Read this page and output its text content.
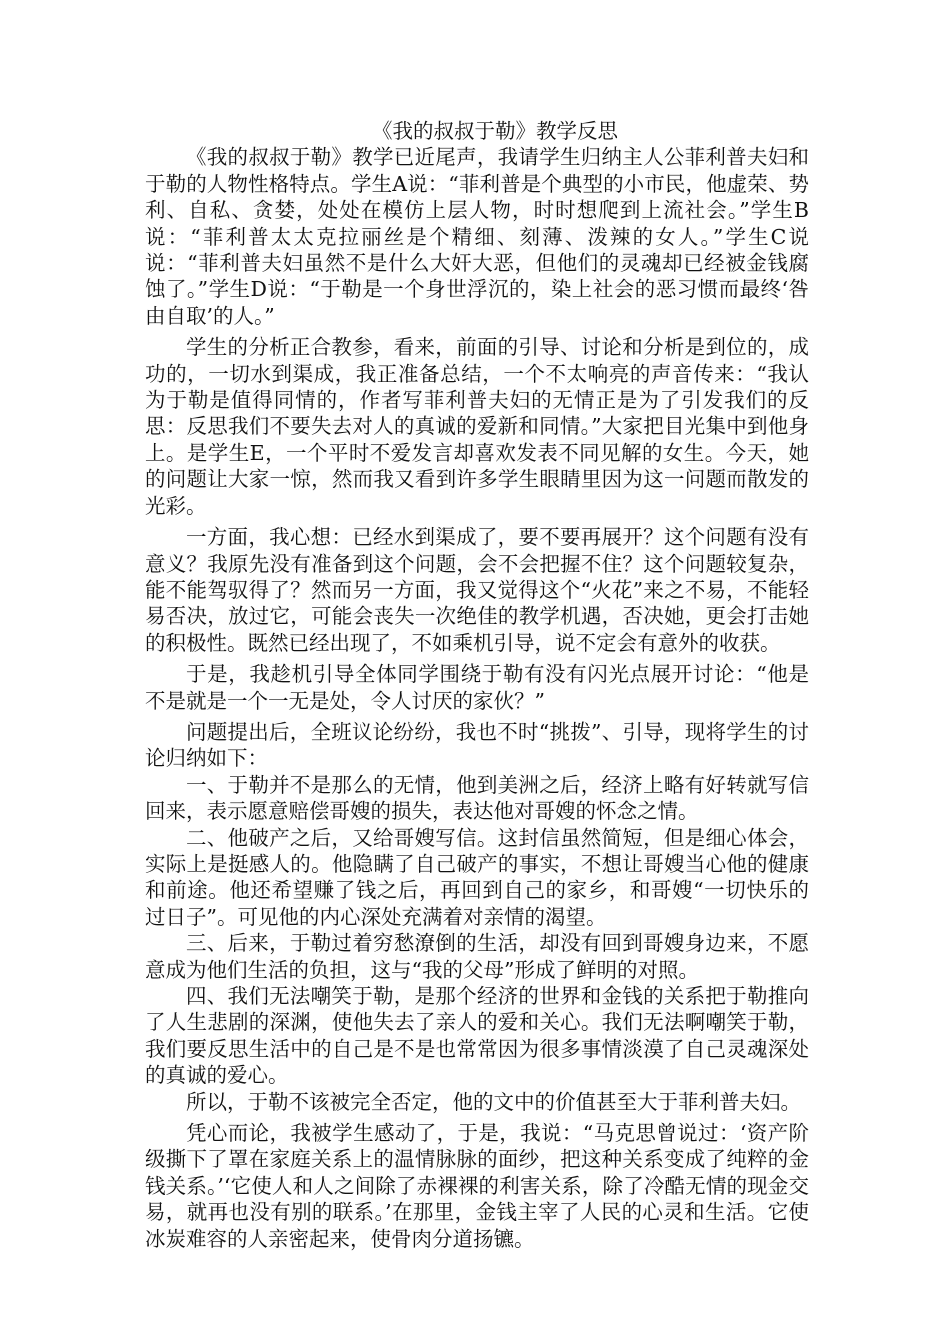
《我的叔叔于勒》教学反思

《我的叔叔于勒》教学已近尾声，我请学生归纳主人公菲利普夫妇和于勒的人物性格特点。学生A说：“菲利普是个典型的小市民，他虚荣、势利、自私、贪婪，处处在模仿上层人物，时时想爬到上流社会。”学生B说：“菲利普太太克拉丽丝是个精细、刻薄、泼辣的女人。”学生C说说：“菲利普夫妇虽然不是什么大奸大恶，但他们的灵魂却已经被金钱腐蚀了。”学生D说：“于勒是一个身世浮沉的，染上社会的恶习惯而最终‘咎由自取’的人。”

学生的分析正合教参，看来，前面的引导、讨论和分析是到位的，成功的，一切水到渠成，我正准备总结，一个不太响亮的声音传来：“我认为于勒是值得同情的，作者写菲利普夫妇的无情正是为了引发我们的反思：反思我们不要失去对人的真诚的爱新和同情。”大家把目光集中到他身上。是学生E，一个平时不爱发言却喜欢发表不同见解的女生。今天，她的问题让大家一惊，然而我又看到许多学生眼睛里因为这一问题而散发的光彩。

一方面，我心想：已经水到渠成了，要不要再展开？这个问题有没有意义？我原先没有准备到这个问题，会不会把握不住？这个问题较复杂，能不能驾驭得了？然而另一方面，我又觉得这个“火花”来之不易，不能轻易否决，放过它，可能会丧失一次绝佳的教学机遇，否决她，更会打击她的积极性。既然已经出现了，不如乘机引导，说不定会有意外的收获。

于是，我趁机引导全体同学围绕于勒有没有闪光点展开讨论：“他是不是就是一个一无是处，令人讨厌的家伙？”

问题提出后，全班议论纷纷，我也不时“挑拨”、引导，现将学生的讨论归纳如下：

一、于勒并不是那么的无情，他到美洲之后，经济上略有好转就写信回来，表示愿意赔偿哥嫂的损失，表达他对哥嫂的怀念之情。

二、他破产之后，又给哥嫂写信。这封信虽然简短，但是细心体会，实际上是挺感人的。他隐瞒了自己破产的事实，不想让哥嫂当心他的健康和前途。他还希望赚了钱之后，再回到自己的家乡，和哥嫂“一切快乐的过日子”。可见他的内心深处充满着对亲情的渴望。

三、后来，于勒过着穷愁潦倒的生活，却没有回到哥嫂身边来，不愿意成为他们生活的负担，这与“我的父母”形成了鲜明的对照。

四、我们无法嘲笑于勒，是那个经济的世界和金钱的关系把于勒推向了人生悲剧的深渊，使他失去了亲人的爱和关心。我们无法啊嘲笑于勒，我们要反思生活中的自己是不是也常常因为很多事情淡漠了自己灵魂深处的真诚的爱心。

所以，于勒不该被完全否定，他的文中的价值甚至大于菲利普夫妇。

凭心而论，我被学生感动了，于是，我说：“马克思曾说过：‘资产阶级撕下了罩在家庭关系上的温情脉脉的面纱，把这种关系变成了纯粹的金钱关系。’‘它使人和人之间除了赤裸裸的利害关系，除了冷酷无情的现金交易，就再也没有别的联系。’在那里，金钱主宰了人民的心灵和生活。它使冰炭难容的人亲密起来，使骨肉分道扬镳。
